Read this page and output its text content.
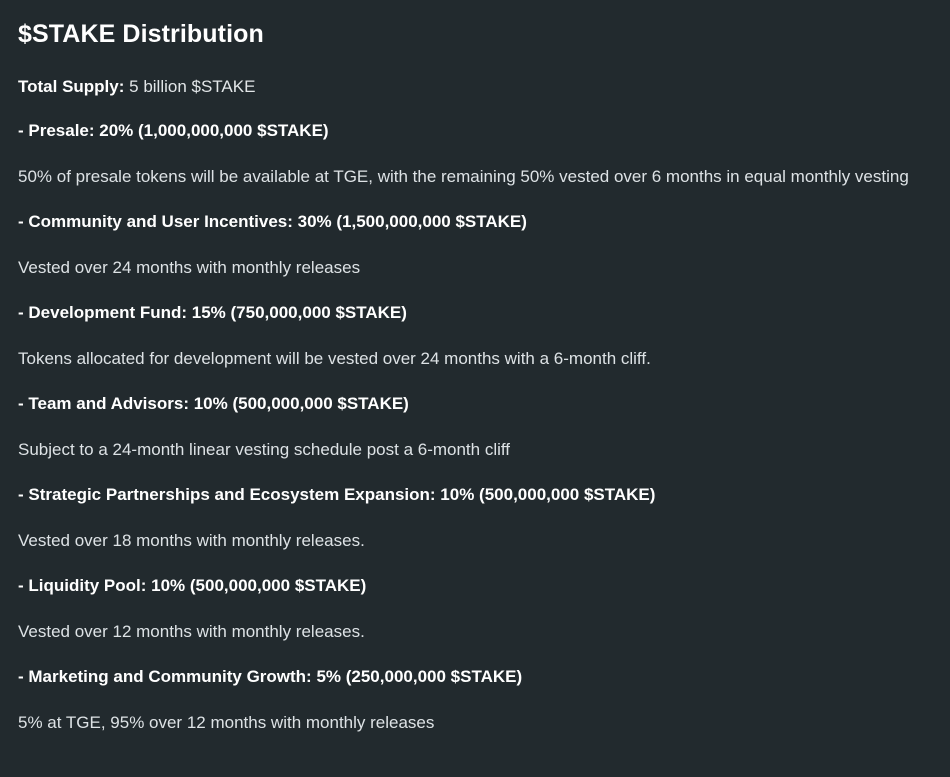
$STAKE Distribution

Total Supply: 5 billion $STAKE

- Presale: 20% (1,000,000,000 $STAKE)

50% of presale tokens will be available at TGE, with the remaining 50% vested over 6 months in equal monthly vesting

- Community and User Incentives: 30% (1,500,000,000 $STAKE)

Vested over 24 months with monthly releases

- Development Fund: 15% (750,000,000 $STAKE)

Tokens allocated for development will be vested over 24 months with a 6-month cliff.

- Team and Advisors: 10% (500,000,000 $STAKE)

Subject to a 24-month linear vesting schedule post a 6-month cliff

- Strategic Partnerships and Ecosystem Expansion: 10% (500,000,000 $STAKE)

Vested over 18 months with monthly releases.

- Liquidity Pool: 10% (500,000,000 $STAKE)

Vested over 12 months with monthly releases.

- Marketing and Community Growth: 5% (250,000,000 $STAKE)

5% at TGE, 95% over 12 months with monthly releases
